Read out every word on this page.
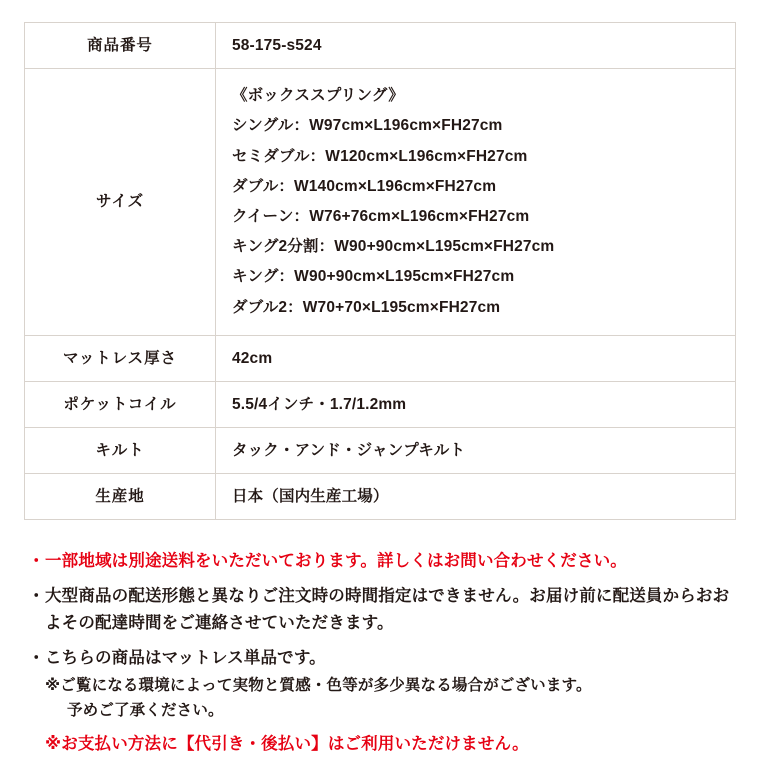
商品番号	58-175-s524
サイズ	《ボックススプリング》
シングル：W97cm×L196cm×FH27cm
セミダブル：W120cm×L196cm×FH27cm
ダブル：W140cm×L196cm×FH27cm
クイーン：W76+76cm×L196cm×FH27cm
キング2分割：W90+90cm×L195cm×FH27cm
キング：W90+90cm×L195cm×FH27cm
ダブル2：W70+70×L195cm×FH27cm
マットレス厚さ	42cm
ポケットコイル	5.5/4インチ・1.7/1.2mm
キルト	タック・アンド・ジャンプキルト
生産地	日本（国内生産工場）
・ 一部地域は別途送料をいただいております。詳しくはお問い合わせください。
・ 大型商品の配送形態と異なりご注文時の時間指定はできません。お届け前に配送員からおおよその配達時間をご連絡させていただきます。
・ こちらの商品はマットレス単品です。
※ご覧になる環境によって実物と質感・色等が多少異なる場合がございます。
予めご了承ください。
※お支払い方法に【代引き・後払い】はご利用いただけません。
